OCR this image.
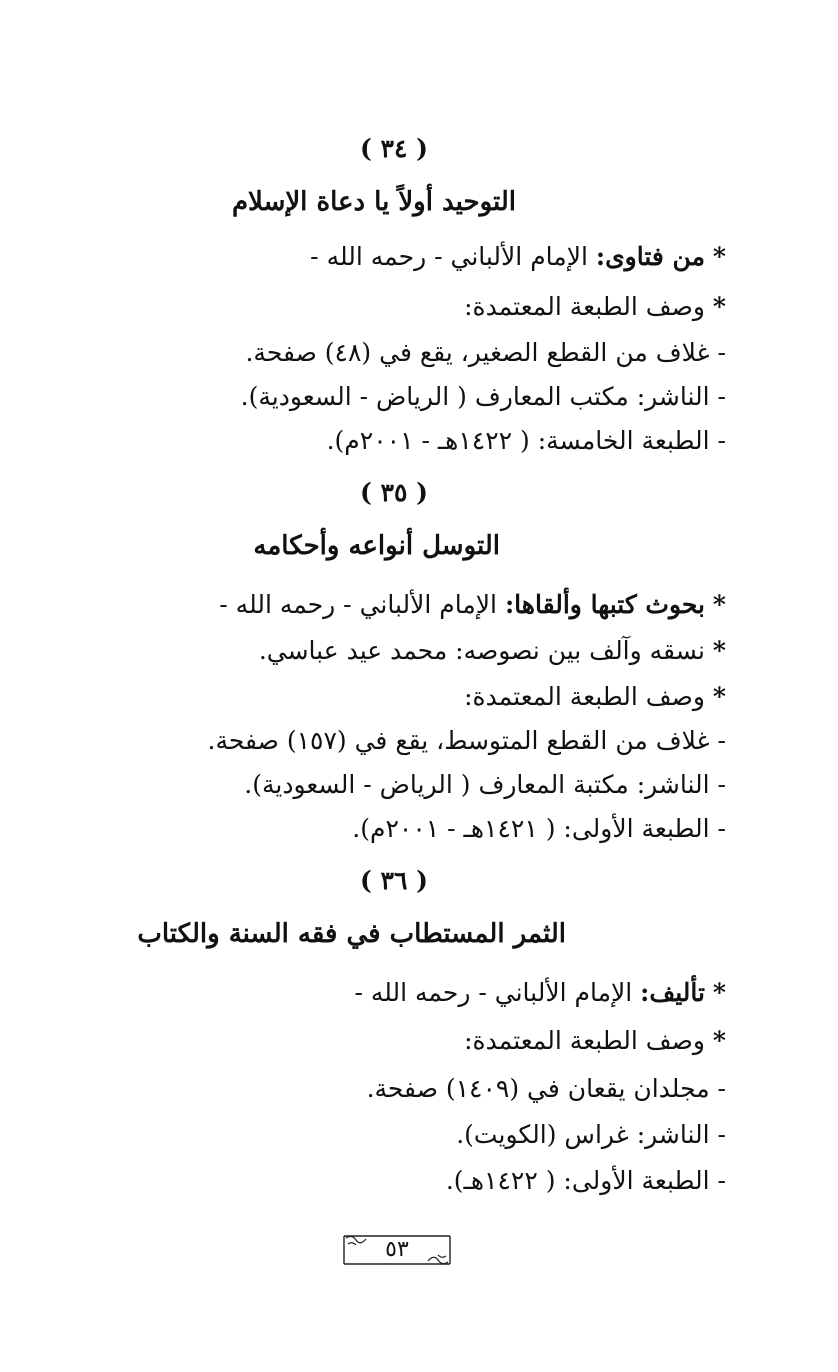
( ٣٤ )
التوحيد أولاً يا دعاة الإسلام
* من فتاوى: الإمام الألباني - رحمه الله -
* وصف الطبعة المعتمدة:
- غلاف من القطع الصغير، يقع في (٤٨) صفحة.
- الناشر: مكتب المعارف ( الرياض - السعودية).
- الطبعة الخامسة: ( ١٤٢٢هـ - ٢٠٠١م).
( ٣٥ )
التوسل أنواعه وأحكامه
* بحوث كتبها وألقاها: الإمام الألباني - رحمه الله -
* نسقه وآلف بين نصوصه: محمد عيد عباسي.
* وصف الطبعة المعتمدة:
- غلاف من القطع المتوسط، يقع في (١٥٧) صفحة.
- الناشر: مكتبة المعارف ( الرياض - السعودية).
- الطبعة الأولى: ( ١٤٢١هـ - ٢٠٠١م).
( ٣٦ )
الثمر المستطاب في فقه السنة والكتاب
* تأليف: الإمام الألباني - رحمه الله -
* وصف الطبعة المعتمدة:
- مجلدان يقعان في (١٤٠٩) صفحة.
- الناشر: غراس (الكويت).
- الطبعة الأولى: ( ١٤٢٢هـ).
٥٣
